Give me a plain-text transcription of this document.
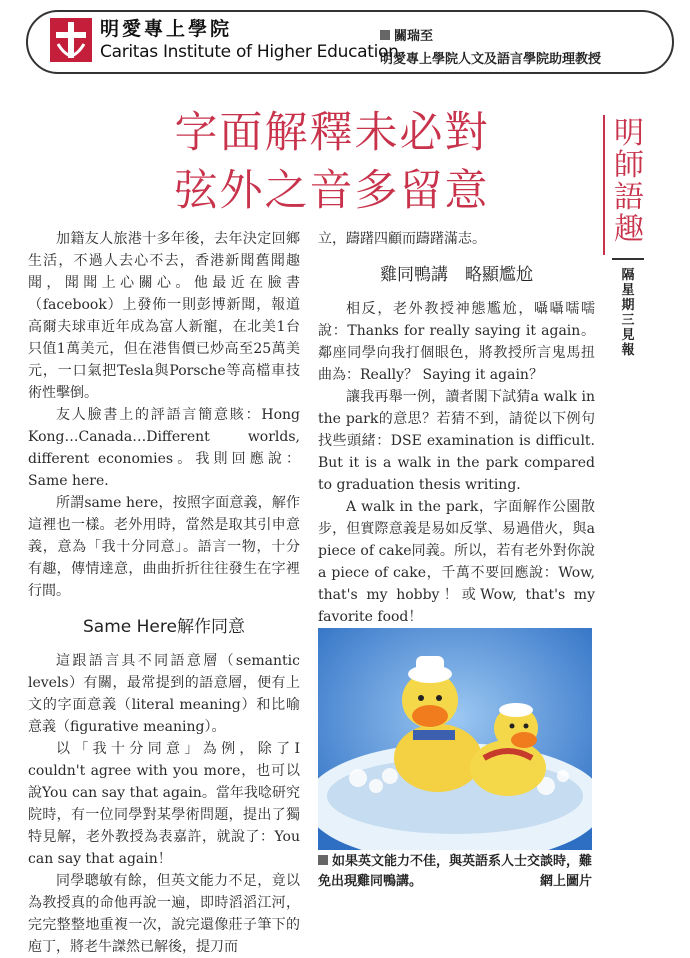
明愛專上學院
Caritas Institute of Higher Education
關瑞至
明愛專上學院人文及語言學院助理教授
字面解釋未必對
弦外之音多留意
明師語趣
隔星期三見報

加籍友人旅港十多年後，去年決定回鄉生活，不過人去心不去，香港新聞舊聞趣聞，聞聞上心關心。他最近在臉書（facebook）上發佈一則彭博新聞，報道高爾夫球車近年成為富人新寵，在北美1台只值1萬美元，但在港售價已炒高至25萬美元，一口氣把Tesla與Porsche等高檔車技術性擊倒。

友人臉書上的評語言簡意賅：Hong Kong…Canada…Different worlds, different economies。我則回應說：Same here.

所謂same here，按照字面意義，解作這裡也一樣。老外用時，當然是取其引申意義，意為「我十分同意」。語言一物，十分有趣，傳情達意，曲曲折折往往發生在字裡行間。

Same Here解作同意

這跟語言具不同語意層（semantic levels）有關，最常提到的語意層，便有上文的字面意義（literal meaning）和比喻意義（figurative meaning）。

以「我十分同意」為例，除了I couldn't agree with you more，也可以說You can say that again。當年我唸研究院時，有一位同學對某學術問題，提出了獨特見解，老外教授為表嘉許，就說了：You can say that again！

同學聰敏有餘，但英文能力不足，竟以為教授真的命他再說一遍，即時滔滔江河，完完整整地重複一次，說完還像莊子筆下的庖丁，將老牛謋然已解後，提刀而

立，躊躇四顧而躊躇滿志。

雞同鴨講　略顯尷尬

相反，老外教授神態尷尬，囁囁嚅嚅說：Thanks for really saying it again。鄰座同學向我打個眼色，將教授所言鬼馬扭曲為：Really？ Saying it again？

讓我再舉一例，讀者閣下試猜a walk in the park的意思？若猜不到，請從以下例句找些頭緒：DSE examination is difficult. But it is a walk in the park compared to graduation thesis writing.

A walk in the park，字面解作公園散步，但實際意義是易如反掌、易過借火，與a piece of cake同義。所以，若有老外對你說a piece of cake，千萬不要回應說：Wow, that's my hobby！或Wow, that's my favorite food！

如果英文能力不佳，與英語系人士交談時，難免出現雞同鴨講。	網上圖片
